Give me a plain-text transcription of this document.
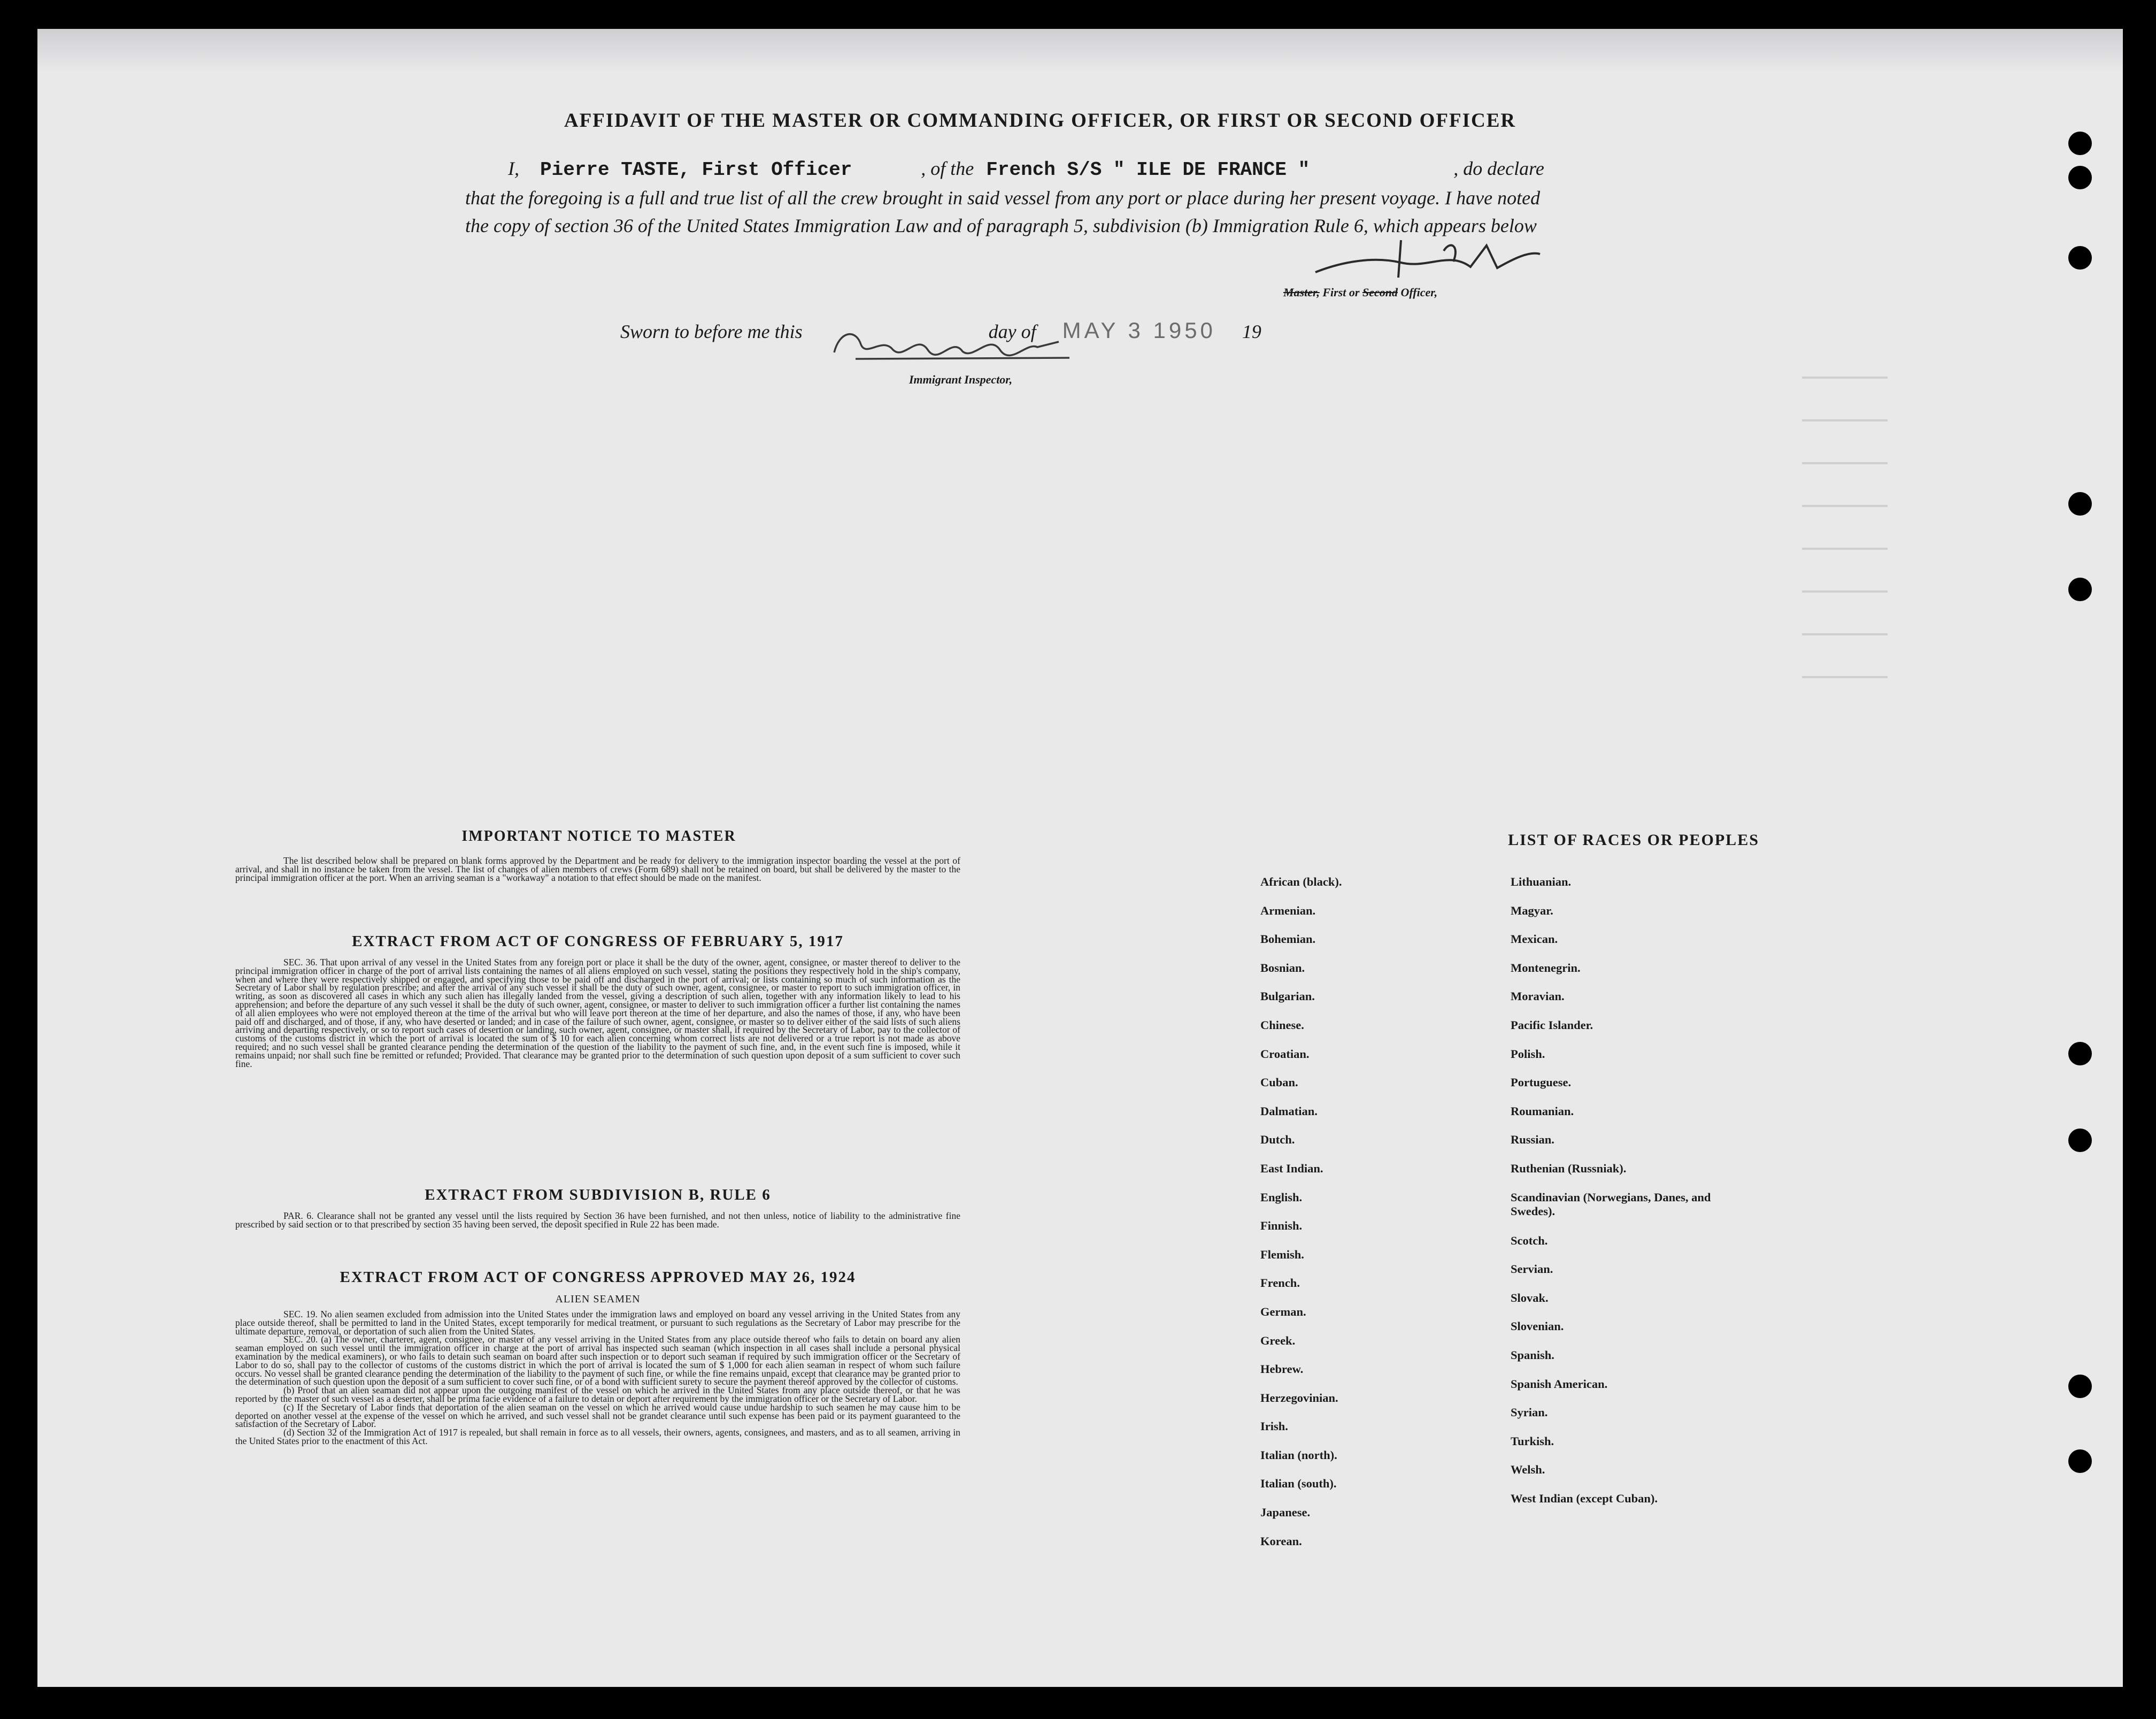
AFFIDAVIT OF THE MASTER OR COMMANDING OFFICER, OR FIRST OR SECOND OFFICER
I, Pierre TASTE, First Officer	, of the French S/S " ILE DE FRANCE "	, do declare
that the foregoing is a full and true list of all the crew brought in said vessel from any port or place during her present voyage. I have noted the copy of section 36 of the United States Immigration Law and of paragraph 5, subdivision (b) Immigration Rule 6, which appears below
Master, First or Second Officer,
Sworn to before me this	day of MAY 3 1950 19
Immigrant Inspector,
IMPORTANT NOTICE TO MASTER
The list described below shall be prepared on blank forms approved by the Department and be ready for delivery to the immigration inspector boarding the vessel at the port of arrival, and shall in no instance be taken from the vessel. The list of changes of alien members of crews (Form 689) shall not be retained on board, but shall be delivered by the master to the principal immigration officer at the port. When an arriving seaman is a "workaway" a notation to that effect should be made on the manifest.
EXTRACT FROM ACT OF CONGRESS OF FEBRUARY 5, 1917
SEC. 36. That upon arrival of any vessel in the United States from any foreign port or place it shall be the duty of the owner, agent, consignee, or master thereof to deliver to the principal immigration officer in charge of the port of arrival lists containing the names of all aliens employed on such vessel, stating the positions they respectively hold in the ship's company, when and where they were respectively shipped or engaged, and specifying those to be paid off and discharged in the port of arrival; or lists containing so much of such information as the Secretary of Labor shall by regulation prescribe; and after the arrival of any such vessel it shall be the duty of such owner, agent, consignee, or master to report to such immigration officer, in writing, as soon as discovered all cases in which any such alien has illegally landed from the vessel, giving a description of such alien, together with any information likely to lead to his apprehension; and before the departure of any such vessel it shall be the duty of such owner, agent, consignee, or master to deliver to such immigration officer a further list containing the names of all alien employees who were not employed thereon at the time of the arrival but who will leave port thereon at the time of her departure, and also the names of those, if any, who have been paid off and discharged, and of those, if any, who have deserted or landed; and in case of the failure of such owner, agent, consignee, or master so to deliver either of the said lists of such aliens arriving and departing respectively, or so to report such cases of desertion or landing, such owner, agent, consignee, or master shall, if required by the Secretary of Labor, pay to the collector of customs of the customs district in which the port of arrival is located the sum of $ 10 for each alien concerning whom correct lists are not delivered or a true report is not made as above required; and no such vessel shall be granted clearance pending the determination of the question of the liability to the payment of such fine, and, in the event such fine is imposed, while it remains unpaid; nor shall such fine be remitted or refunded; Provided. That clearance may be granted prior to the determination of such question upon deposit of a sum sufficient to cover such fine.
EXTRACT FROM SUBDIVISION B, RULE 6
PAR. 6. Clearance shall not be granted any vessel until the lists required by Section 36 have been furnished, and not then unless, notice of liability to the administrative fine prescribed by said section or to that prescribed by section 35 having been served, the deposit specified in Rule 22 has been made.
EXTRACT FROM ACT OF CONGRESS APPROVED MAY 26, 1924
ALIEN SEAMEN
SEC. 19. No alien seamen excluded from admission into the United States under the immigration laws and employed on board any vessel arriving in the United States from any place outside thereof, shall be permitted to land in the United States, except temporarily for medical treatment, or pursuant to such regulations as the Secretary of Labor may prescribe for the ultimate departure, removal, or deportation of such alien from the United States.
SEC. 20. (a) The owner, charterer, agent, consignee, or master of any vessel arriving in the United States from any place outside thereof who fails to detain on board any alien seaman employed on such vessel until the immigration officer in charge at the port of arrival has inspected such seaman (which inspection in all cases shall include a personal physical examination by the medical examiners), or who fails to detain such seaman on board after such inspection or to deport such seaman if required by such immigration officer or the Secretary of Labor to do so, shall pay to the collector of customs of the customs district in which the port of arrival is located the sum of $ 1,000 for each alien seaman in respect of whom such failure occurs. No vessel shall be granted clearance pending the determination of the liability to the payment of such fine, or while the fine remains unpaid, except that clearance may be granted prior to the determination of such question upon the deposit of a sum sufficient to cover such fine, or of a bond with sufficient surety to secure the payment thereof approved by the collector of customs.
(b) Proof that an alien seaman did not appear upon the outgoing manifest of the vessel on which he arrived in the United States from any place outside thereof, or that he was reported by the master of such vessel as a deserter, shall be prima facie evidence of a failure to detain or deport after requirement by the immigration officer or the Secretary of Labor.
(c) If the Secretary of Labor finds that deportation of the alien seaman on the vessel on which he arrived would cause undue hardship to such seamen he may cause him to be deported on another vessel at the expense of the vessel on which he arrived, and such vessel shall not be grandet clearance until such expense has been paid or its payment guaranteed to the satisfaction of the Secretary of Labor.
(d) Section 32 of the Immigration Act of 1917 is repealed, but shall remain in force as to all vessels, their owners, agents, consignees, and masters, and as to all seamen, arriving in the United States prior to the enactment of this Act.
LIST OF RACES OR PEOPLES
African (black).
Armenian.
Bohemian.
Bosnian.
Bulgarian.
Chinese.
Croatian.
Cuban.
Dalmatian.
Dutch.
East Indian.
English.
Finnish.
Flemish.
French.
German.
Greek.
Hebrew.
Herzegovinian.
Irish.
Italian (north).
Italian (south).
Japanese.
Korean.
Lithuanian.
Magyar.
Mexican.
Montenegrin.
Moravian.
Pacific Islander.
Polish.
Portuguese.
Roumanian.
Russian.
Ruthenian (Russniak).
Scandinavian (Norwegians, Danes, and Swedes).
Scotch.
Servian.
Slovak.
Slovenian.
Spanish.
Spanish American.
Syrian.
Turkish.
Welsh.
West Indian (except Cuban).
